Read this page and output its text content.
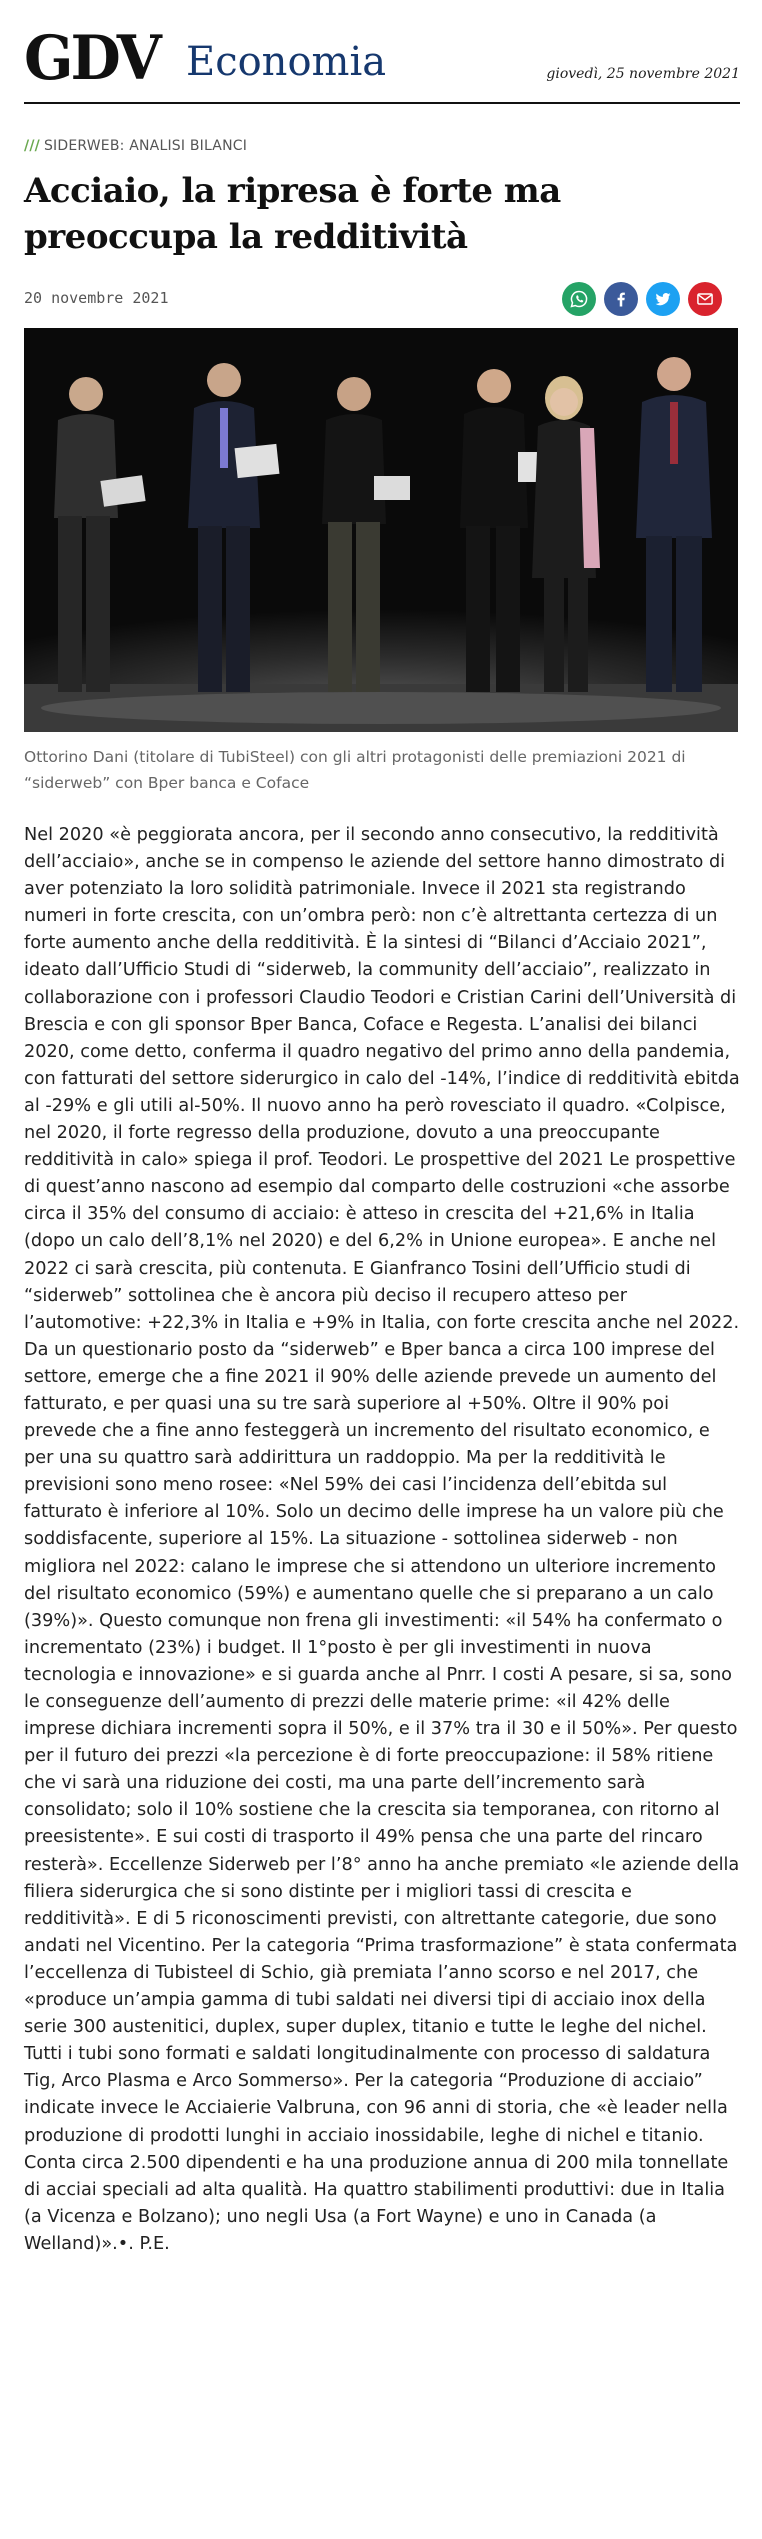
GDV Economia	giovedì, 25 novembre 2021
/// SIDERWEB: ANALISI BILANCI
Acciaio, la ripresa è forte ma preoccupa la redditività
20 novembre 2021

Ottorino Dani (titolare di TubiSteel) con gli altri protagonisti delle premiazioni 2021 di “siderweb” con Bper banca e Coface

Nel 2020 «è peggiorata ancora, per il secondo anno consecutivo, la redditività dell’acciaio», anche se in compenso le aziende del settore hanno dimostrato di aver potenziato la loro solidità patrimoniale. Invece il 2021 sta registrando numeri in forte crescita, con un’ombra però: non c’è altrettanta certezza di un forte aumento anche della redditività. È la sintesi di “Bilanci d’Acciaio 2021”, ideato dall’Ufficio Studi di “siderweb, la community dell’acciaio”, realizzato in collaborazione con i professori Claudio Teodori e Cristian Carini dell’Università di Brescia e con gli sponsor Bper Banca, Coface e Regesta. L’analisi dei bilanci 2020, come detto, conferma il quadro negativo del primo anno della pandemia, con fatturati del settore siderurgico in calo del -14%, l’indice di redditività ebitda al -29% e gli utili al-50%. Il nuovo anno ha però rovesciato il quadro. «Colpisce, nel 2020, il forte regresso della produzione, dovuto a una preoccupante redditività in calo» spiega il prof. Teodori. Le prospettive del 2021 Le prospettive di quest’anno nascono ad esempio dal comparto delle costruzioni «che assorbe circa il 35% del consumo di acciaio: è atteso in crescita del +21,6% in Italia (dopo un calo dell’8,1% nel 2020) e del 6,2% in Unione europea». E anche nel 2022 ci sarà crescita, più contenuta. E Gianfranco Tosini dell’Ufficio studi di “siderweb” sottolinea che è ancora più deciso il recupero atteso per l’automotive: +22,3% in Italia e +9% in Italia, con forte crescita anche nel 2022. Da un questionario posto da “siderweb” e Bper banca a circa 100 imprese del settore, emerge che a fine 2021 il 90% delle aziende prevede un aumento del fatturato, e per quasi una su tre sarà superiore al +50%. Oltre il 90% poi prevede che a fine anno festeggerà un incremento del risultato economico, e per una su quattro sarà addirittura un raddoppio. Ma per la redditività le previsioni sono meno rosee: «Nel 59% dei casi l’incidenza dell’ebitda sul fatturato è inferiore al 10%. Solo un decimo delle imprese ha un valore più che soddisfacente, superiore al 15%. La situazione - sottolinea siderweb - non migliora nel 2022: calano le imprese che si attendono un ulteriore incremento del risultato economico (59%) e aumentano quelle che si preparano a un calo (39%)». Questo comunque non frena gli investimenti: «il 54% ha confermato o incrementato (23%) i budget. Il 1°posto è per gli investimenti in nuova tecnologia e innovazione» e si guarda anche al Pnrr. I costi A pesare, si sa, sono le conseguenze dell’aumento di prezzi delle materie prime: «il 42% delle imprese dichiara incrementi sopra il 50%, e il 37% tra il 30 e il 50%». Per questo per il futuro dei prezzi «la percezione è di forte preoccupazione: il 58% ritiene che vi sarà una riduzione dei costi, ma una parte dell’incremento sarà consolidato; solo il 10% sostiene che la crescita sia temporanea, con ritorno al preesistente». E sui costi di trasporto il 49% pensa che una parte del rincaro resterà». Eccellenze Siderweb per l’8° anno ha anche premiato «le aziende della filiera siderurgica che si sono distinte per i migliori tassi di crescita e redditività». E di 5 riconoscimenti previsti, con altrettante categorie, due sono andati nel Vicentino. Per la categoria “Prima trasformazione” è stata confermata l’eccellenza di Tubisteel di Schio, già premiata l’anno scorso e nel 2017, che «produce un’ampia gamma di tubi saldati nei diversi tipi di acciaio inox della serie 300 austenitici, duplex, super duplex, titanio e tutte le leghe del nichel. Tutti i tubi sono formati e saldati longitudinalmente con processo di saldatura Tig, Arco Plasma e Arco Sommerso». Per la categoria “Produzione di acciaio” indicate invece le Acciaierie Valbruna, con 96 anni di storia, che «è leader nella produzione di prodotti lunghi in acciaio inossidabile, leghe di nichel e titanio. Conta circa 2.500 dipendenti e ha una produzione annua di 200 mila tonnellate di acciai speciali ad alta qualità. Ha quattro stabilimenti produttivi: due in Italia (a Vicenza e Bolzano); uno negli Usa (a Fort Wayne) e uno in Canada (a Welland)».•. P.E.
